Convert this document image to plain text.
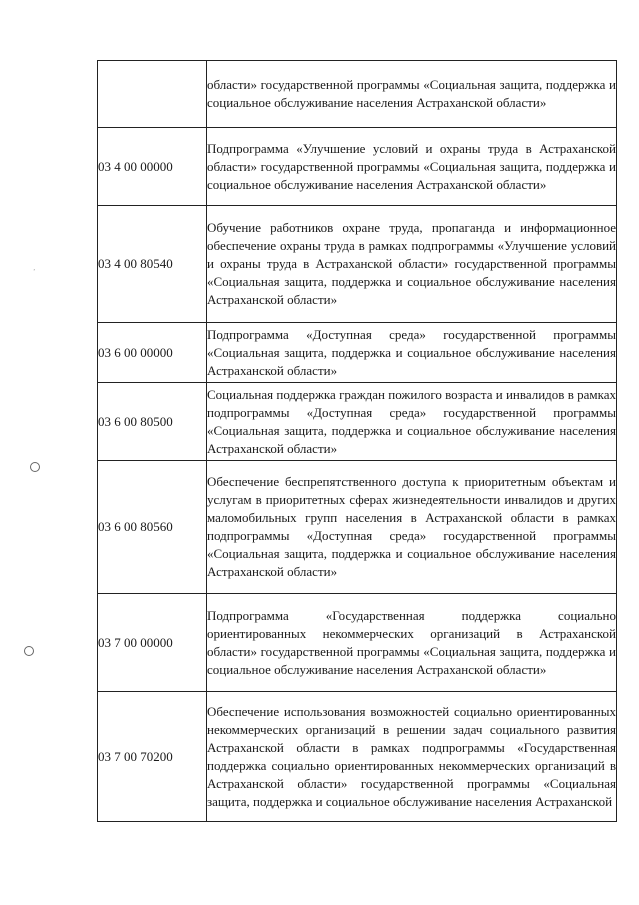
ʼ
	области» государственной программы «Социальная защита, поддержка и социальное обслуживание населения Астраханской области»
03 4 00 00000	Подпрограмма «Улучшение условий и охраны труда в Астраханской области» государственной программы «Социальная защита, поддержка и социальное обслуживание населения Астраханской области»
03 4 00 80540	Обучение работников охране труда, пропаганда и информационное обеспечение охраны труда в рамках подпрограммы «Улучшение условий и охраны труда в Астраханской области» государственной программы «Социальная защита, поддержка и социальное обслуживание населения Астраханской области»
03 6 00 00000	Подпрограмма «Доступная среда» государственной программы «Социальная защита, поддержка и социальное обслуживание населения Астраханской области»
03 6 00 80500	Социальная поддержка граждан пожилого возраста и инвалидов в рамках подпрограммы «Доступная среда» государственной программы «Социальная защита, поддержка и социальное обслуживание населения Астраханской области»
03 6 00 80560	Обеспечение беспрепятственного доступа к приоритетным объектам и услугам в приоритетных сферах жизнедеятельности инвалидов и других маломобильных групп населения в Астраханской области в рамках подпрограммы «Доступная среда» государственной программы «Социальная защита, поддержка и социальное обслуживание населения Астраханской области»
03 7 00 00000	Подпрограмма «Государственная поддержка социально ориентированных некоммерческих организаций в Астраханской области» государственной программы «Социальная защита, поддержка и социальное обслуживание населения Астраханской области»
03 7 00 70200	Обеспечение использования возможностей социально ориентированных некоммерческих организаций в решении задач социального развития Астраханской области в рамках подпрограммы «Государственная поддержка социально ориентированных некоммерческих организаций в Астраханской области» государственной программы «Социальная защита, поддержка и социальное обслуживание населения Астраханской
